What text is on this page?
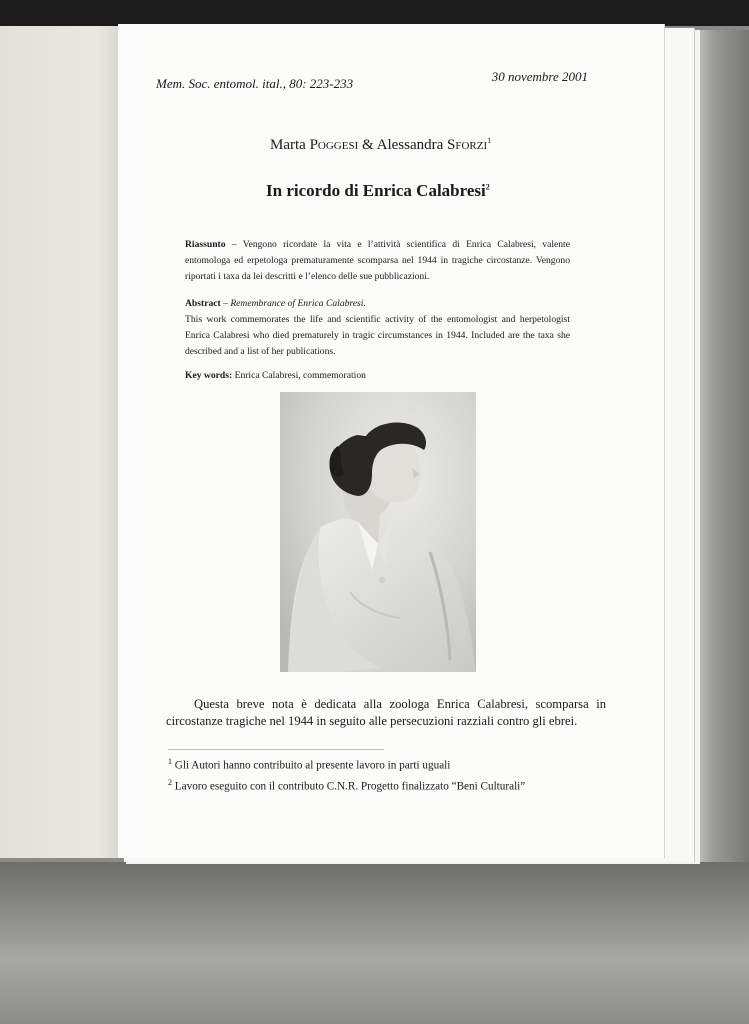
Mem. Soc. entomol. ital., 80: 223-233	30 novembre 2001
Marta Poggesi & Alessandra Sforzi$^1$
In ricordo di Enrica Calabresi$^2$
Riassunto – Vengono ricordate la vita e l’attività scientifica di Enrica Calabresi, valente entomologa ed erpetologa prematuramente scomparsa nel 1944 in tragiche circostanze. Vengono riportati i taxa da lei descritti e l’elenco delle sue pubblicazioni.
Abstract – Remembrance of Enrica Calabresi.
This work commemorates the life and scientific activity of the entomologist and herpetologist Enrica Calabresi who died prematurely in tragic circumstances in 1944. Included are the taxa she described and a list of her publications.
Key words: Enrica Calabresi, commemoration
Questa breve nota è dedicata alla zoologa Enrica Calabresi, scomparsa in circostanze tragiche nel 1944 in seguito alle persecuzioni razziali contro gli ebrei.
$^1$ Gli Autori hanno contribuito al presente lavoro in parti uguali
$^2$ Lavoro eseguito con il contributo C.N.R. Progetto finalizzato “Beni Culturali”
